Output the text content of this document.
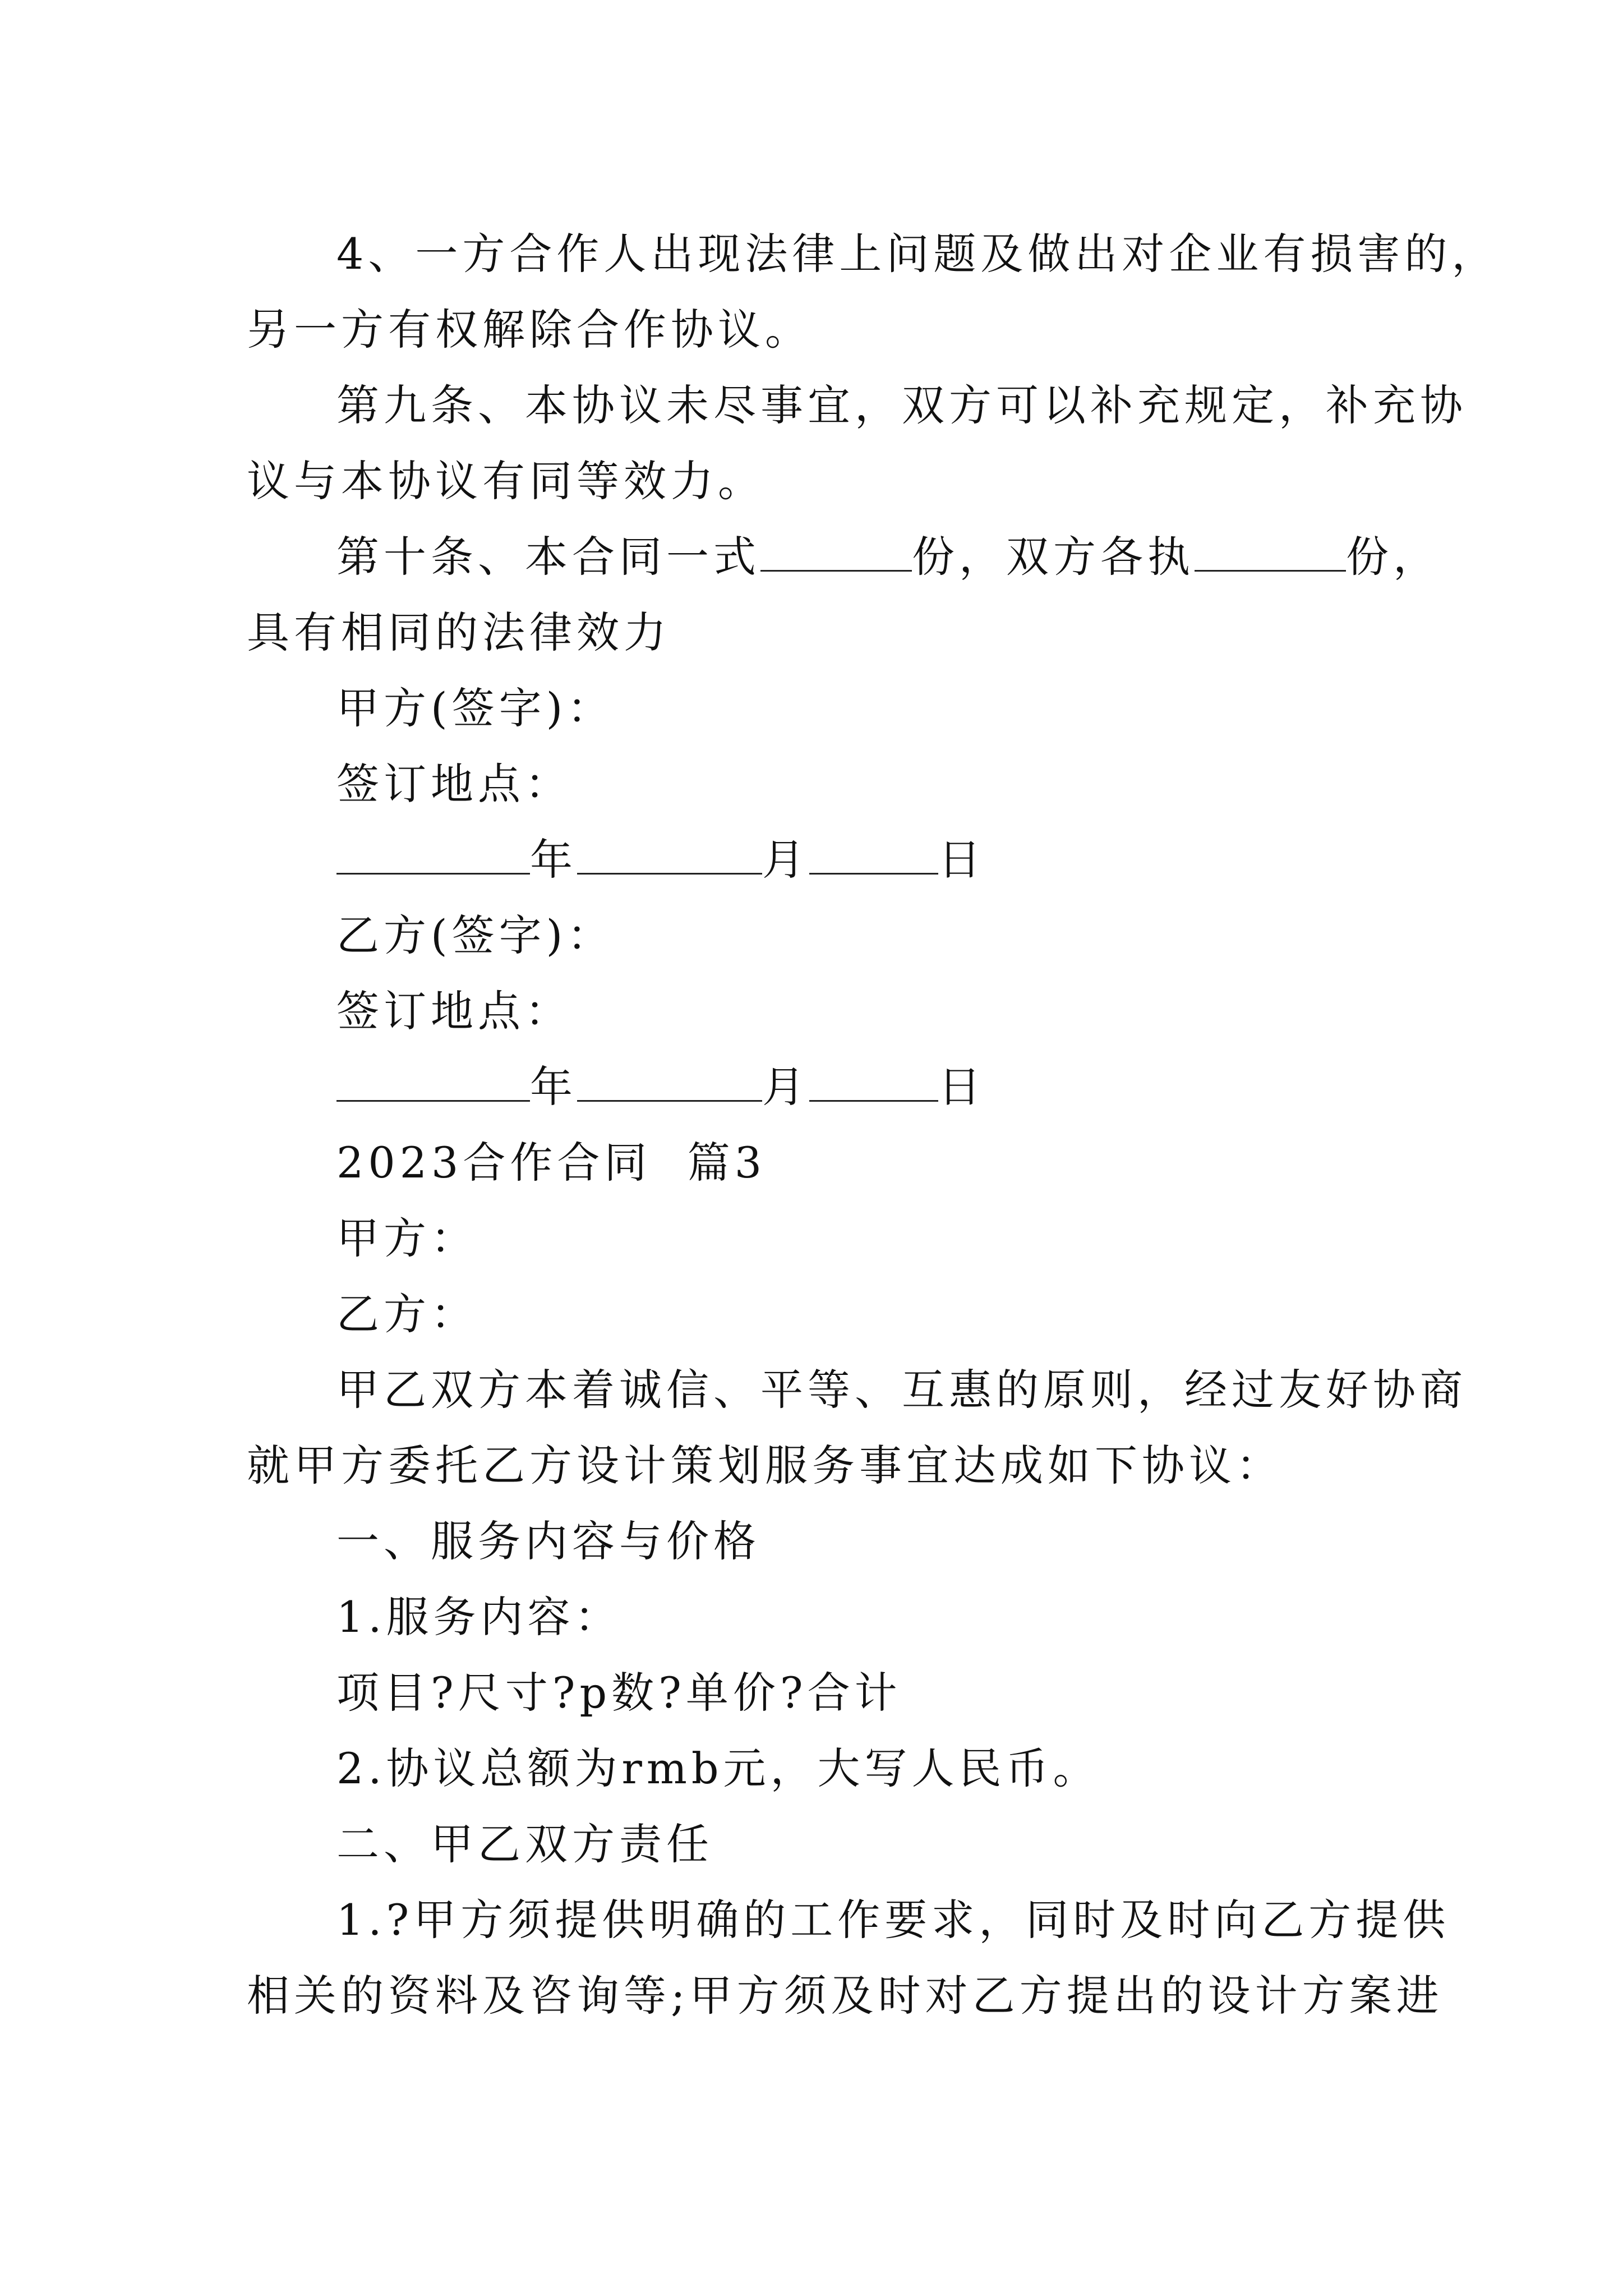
4、一方合作人出现法律上问题及做出对企业有损害的，
另一方有权解除合作协议。
第九条、本协议未尽事宜，双方可以补充规定，补充协
议与本协议有同等效力。
第十条、本合同一式	份，双方各执	份，
具有相同的法律效力
甲方(签字)：
签订地点：
年	月	日
乙方(签字)：
签订地点：
年	月	日
2023合作合同  篇3
甲方：
乙方：
甲乙双方本着诚信、平等、互惠的原则，经过友好协商
就甲方委托乙方设计策划服务事宜达成如下协议：
一、服务内容与价格
1.服务内容：
项目?尺寸?p数?单价?合计
2.协议总额为rmb元，大写人民币。
二、甲乙双方责任
1.?甲方须提供明确的工作要求，同时及时向乙方提供
相关的资料及咨询等;甲方须及时对乙方提出的设计方案进
